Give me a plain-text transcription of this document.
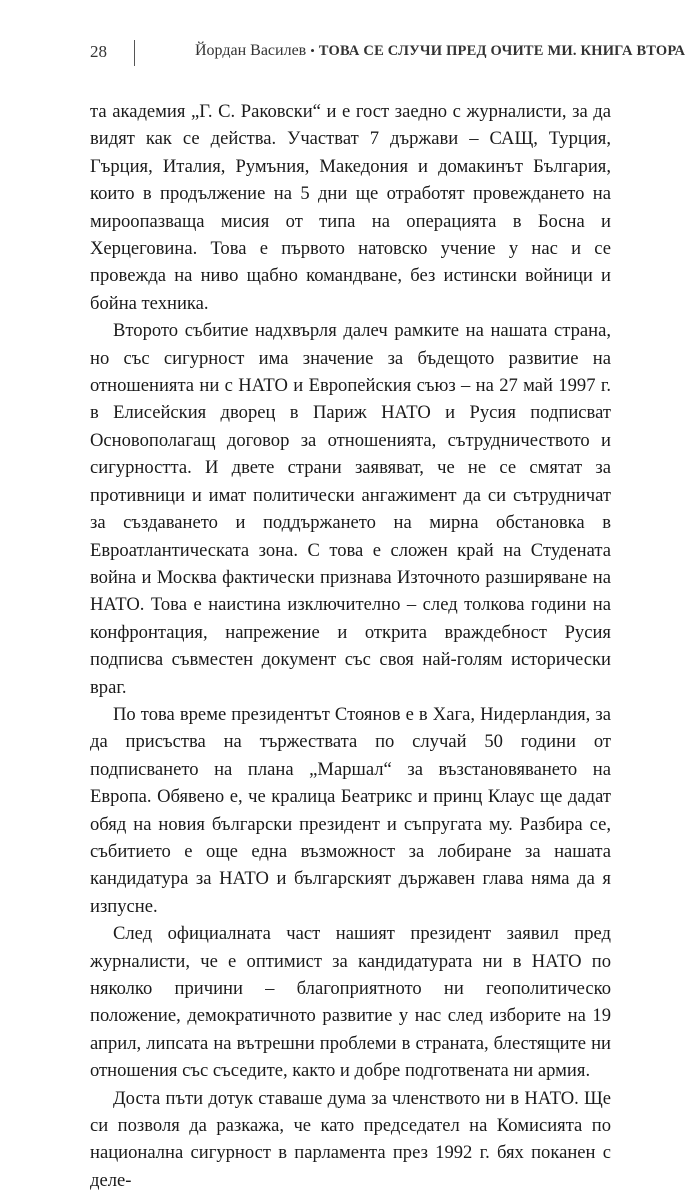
28	Йордан Василев • ТОВА СЕ СЛУЧИ ПРЕД ОЧИТЕ МИ. КНИГА ВТОРА

та академия „Г. С. Раковски“ и е гост заедно с журналисти, за да видят как се действа. Участват 7 държави – САЩ, Турция, Гърция, Италия, Румъния, Македония и домакинът България, които в продължение на 5 дни ще отработят провеждането на мироопазваща мисия от типа на операцията в Босна и Херцеговина. Това е първото натовско учение у нас и се провежда на ниво щабно командване, без истински войници и бойна техника.

Второто събитие надхвърля далеч рамките на нашата страна, но със сигурност има значение за бъдещото развитие на отношенията ни с НАТО и Европейския съюз – на 27 май 1997 г. в Елисейския дворец в Париж НАТО и Русия подписват Основополагащ договор за отношенията, сътрудничеството и сигурността. И двете страни заявяват, че не се смятат за противници и имат политически ангажимент да си сътрудничат за създаването и поддържането на мирна обстановка в Евроатлантическата зона. С това е сложен край на Студената война и Москва фактически признава Източното разширяване на НАТО. Това е наистина изключително – след толкова години на конфронтация, напрежение и открита враждебност Русия подписва съвместен документ със своя най-голям исторически враг.

По това време президентът Стоянов е в Хага, Нидерландия, за да присъства на тържествата по случай 50 години от подписването на плана „Маршал“ за възстановяването на Европа. Обявено е, че кралица Беатрикс и принц Клаус ще дадат обяд на новия български президент и съпругата му. Разбира се, събитието е още една възможност за лобиране за нашата кандидатура за НАТО и българският държавен глава няма да я изпусне.

След официалната част нашият президент заявил пред журналисти, че е оптимист за кандидатурата ни в НАТО по няколко причини – благоприятното ни геополитическо положение, демократичното развитие у нас след изборите на 19 април, липсата на вътрешни проблеми в страната, блестящите ни отношения със съседите, както и добре подготвената ни армия.

Доста пъти дотук ставаше дума за членството ни в НАТО. Ще си позволя да разкажа, че като председател на Комисията по национална сигурност в парламента през 1992 г. бях поканен с деле-
